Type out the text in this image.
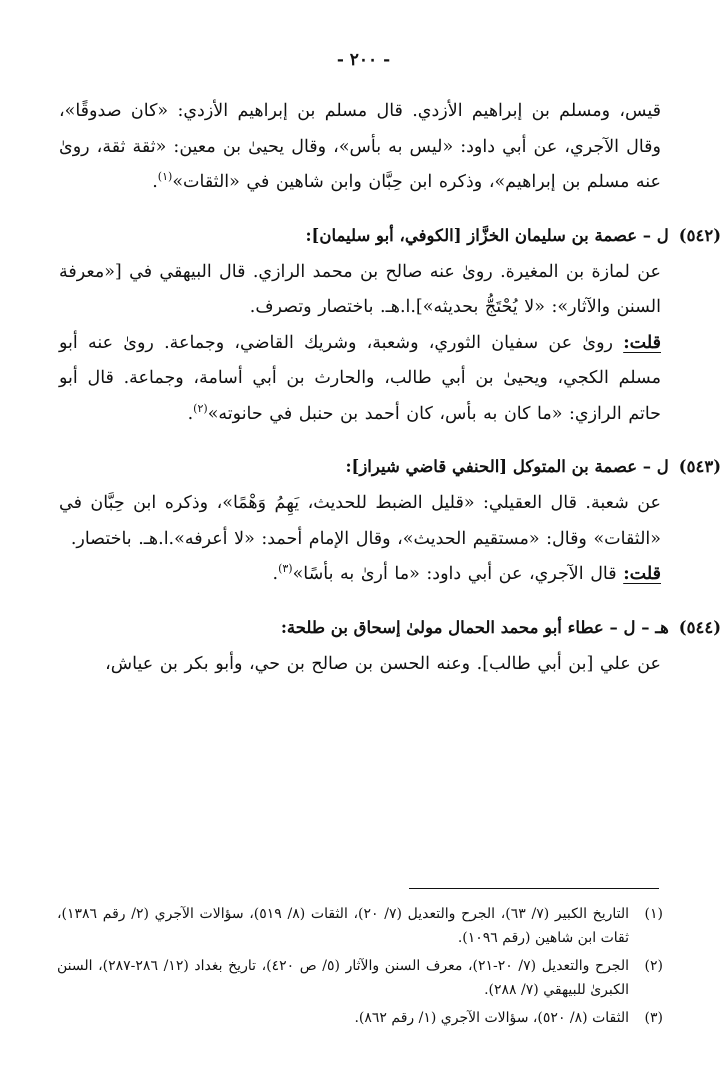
- ٢٠٠ -

قيس، ومسلم بن إبراهيم الأزدي. قال مسلم بن إبراهيم الأزدي: «كان صدوقًا»، وقال الآجري، عن أبي داود: «ليس به بأس»، وقال يحيىٰ بن معين: «ثقة ثقة، روىٰ عنه مسلم بن إبراهيم»، وذكره ابن حِبَّان وابن شاهين في «الثقات»$^{(١)}$.

(٥٤٢)
ل – عصمة بن سليمان الخزَّاز [الكوفي، أبو سليمان]:

عن لمازة بن المغيرة. روىٰ عنه صالح بن محمد الرازي. قال البيهقي في [«معرفة السنن والآثار»: «لا يُحْتَجُّ بحديثه»].ا.هـ. باختصار وتصرف.
قلت: روىٰ عن سفيان الثوري، وشعبة، وشريك القاضي، وجماعة. روىٰ عنه أبو مسلم الكجي، ويحيىٰ بن أبي طالب، والحارث بن أبي أسامة، وجماعة. قال أبو حاتم الرازي: «ما كان به بأس، كان أحمد بن حنبل في حانوته»$^{(٢)}$.

(٥٤٣)
ل – عصمة بن المتوكل [الحنفي قاضي شيراز]:

عن شعبة. قال العقيلي: «قليل الضبط للحديث، يَهِمُ وَهْمًا»، وذكره ابن حِبَّان في «الثقات» وقال: «مستقيم الحديث»، وقال الإمام أحمد: «لا أعرفه».ا.هـ. باختصار.
قلت: قال الآجري، عن أبي داود: «ما أرىٰ به بأسًا»$^{(٣)}$.

(٥٤٤)
هـ – ل – عطاء أبو محمد الحمال مولىٰ إسحاق بن طلحة:

عن علي [بن أبي طالب]. وعنه الحسن بن صالح بن حي، وأبو بكر بن عياش،

(١)
التاريخ الكبير (٧/ ٦٣)، الجرح والتعديل (٧/ ٢٠)، الثقات (٨/ ٥١٩)، سؤالات الآجري (٢/ رقم ١٣٨٦)، ثقات ابن شاهين (رقم ١٠٩٦).
(٢)
الجرح والتعديل (٧/ ٢٠-٢١)، معرف السنن والآثار (٥/ ص ٤٢٠)، تاريخ بغداد (١٢/ ٢٨٦-٢٨٧)، السنن الكبرىٰ للبيهقي (٧/ ٢٨٨).
(٣)
الثقات (٨/ ٥٢٠)، سؤالات الآجري (١/ رقم ٨٦٢).
